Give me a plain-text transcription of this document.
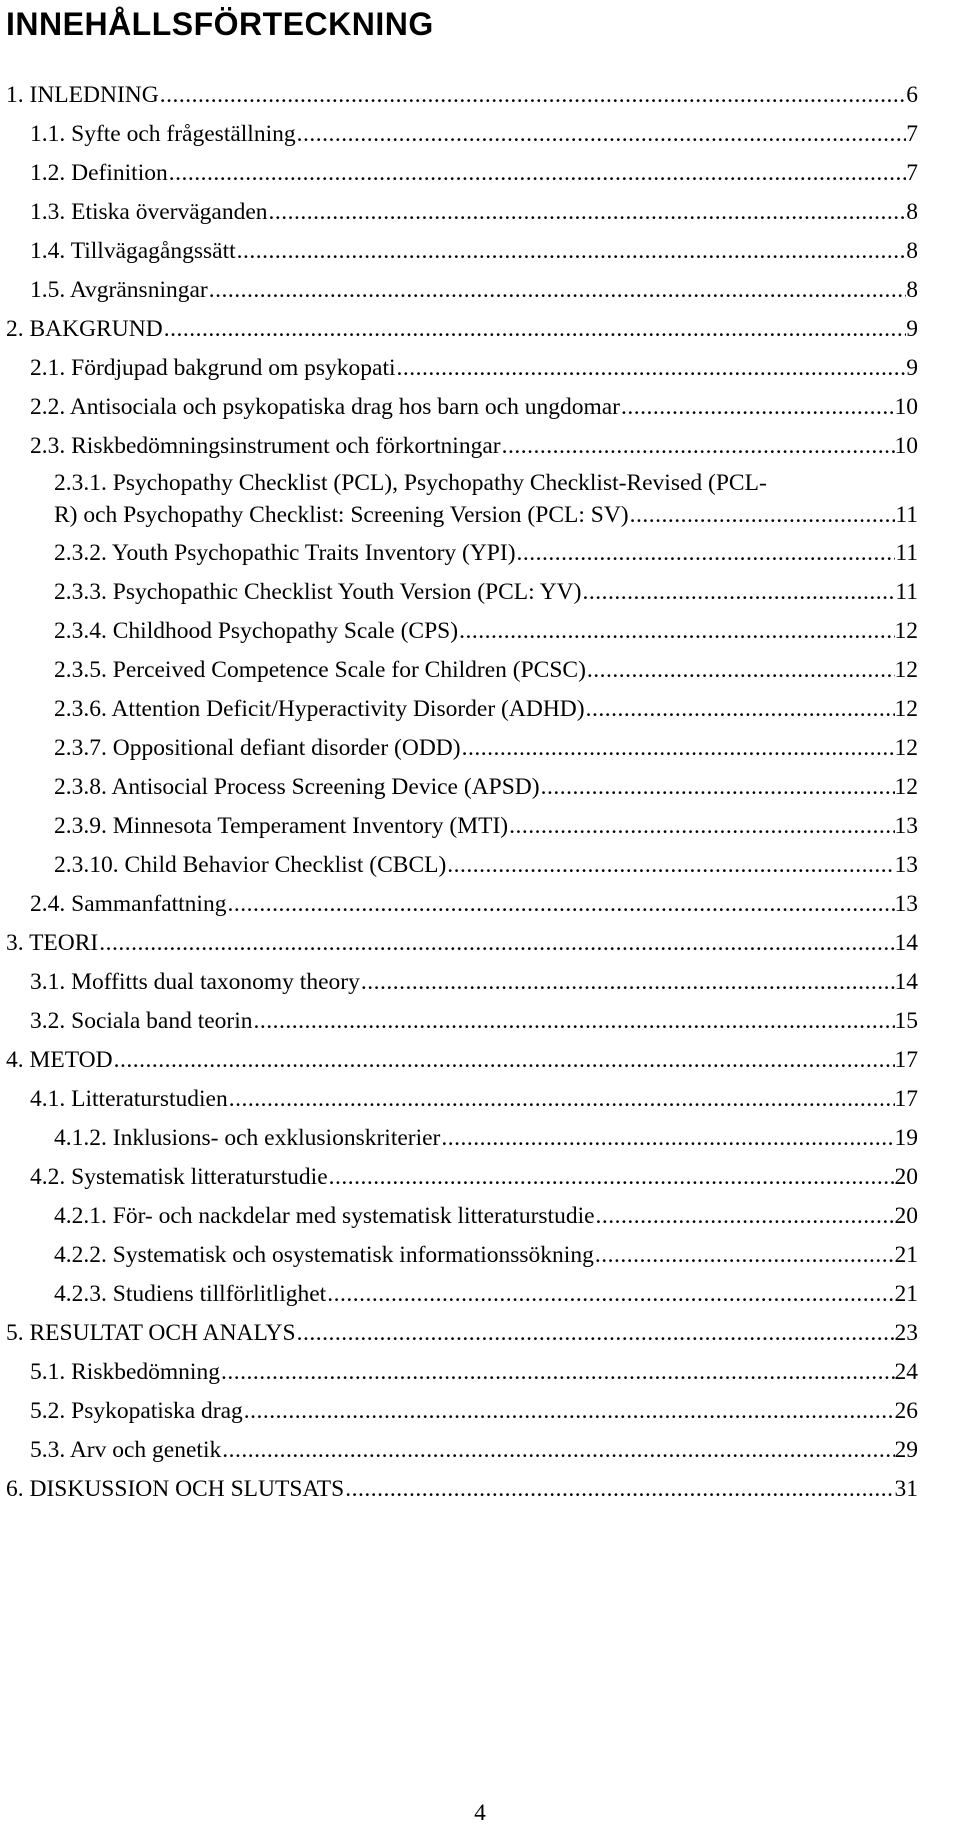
INNEHÅLLSFÖRTECKNING
1. INLEDNING .....	6
1.1. Syfte och frågeställning .....	7
1.2. Definition .....	7
1.3. Etiska överväganden .....	8
1.4. Tillvägagångssätt .....	8
1.5. Avgränsningar .....	8
2. BAKGRUND .....	9
2.1. Fördjupad bakgrund om psykopati .....	9
2.2. Antisociala och psykopatiska drag hos barn och ungdomar .....	10
2.3. Riskbedömningsinstrument och förkortningar .....	10
2.3.1. Psychopathy Checklist (PCL), Psychopathy Checklist-Revised (PCL-
R) och Psychopathy Checklist: Screening Version (PCL: SV) .....	11
2.3.2. Youth Psychopathic Traits Inventory (YPI) .....	11
2.3.3. Psychopathic Checklist Youth Version (PCL: YV) .....	11
2.3.4. Childhood Psychopathy Scale (CPS) .....	12
2.3.5. Perceived Competence Scale for Children (PCSC) .....	12
2.3.6. Attention Deficit/Hyperactivity Disorder (ADHD) .....	12
2.3.7. Oppositional defiant disorder (ODD) .....	12
2.3.8. Antisocial Process Screening Device (APSD) .....	12
2.3.9. Minnesota Temperament Inventory (MTI) .....	13
2.3.10. Child Behavior Checklist (CBCL) .....	13
2.4. Sammanfattning .....	13
3. TEORI .....	14
3.1. Moffitts dual taxonomy theory .....	14
3.2. Sociala band teorin .....	15
4. METOD .....	17
4.1. Litteraturstudien .....	17
4.1.2. Inklusions- och exklusionskriterier .....	19
4.2. Systematisk litteraturstudie .....	20
4.2.1. För- och nackdelar med systematisk litteraturstudie .....	20
4.2.2. Systematisk och osystematisk informationssökning .....	21
4.2.3. Studiens tillförlitlighet .....	21
5. RESULTAT OCH ANALYS .....	23
5.1. Riskbedömning .....	24
5.2. Psykopatiska drag .....	26
5.3. Arv och genetik .....	29
6. DISKUSSION OCH SLUTSATS .....	31
4
